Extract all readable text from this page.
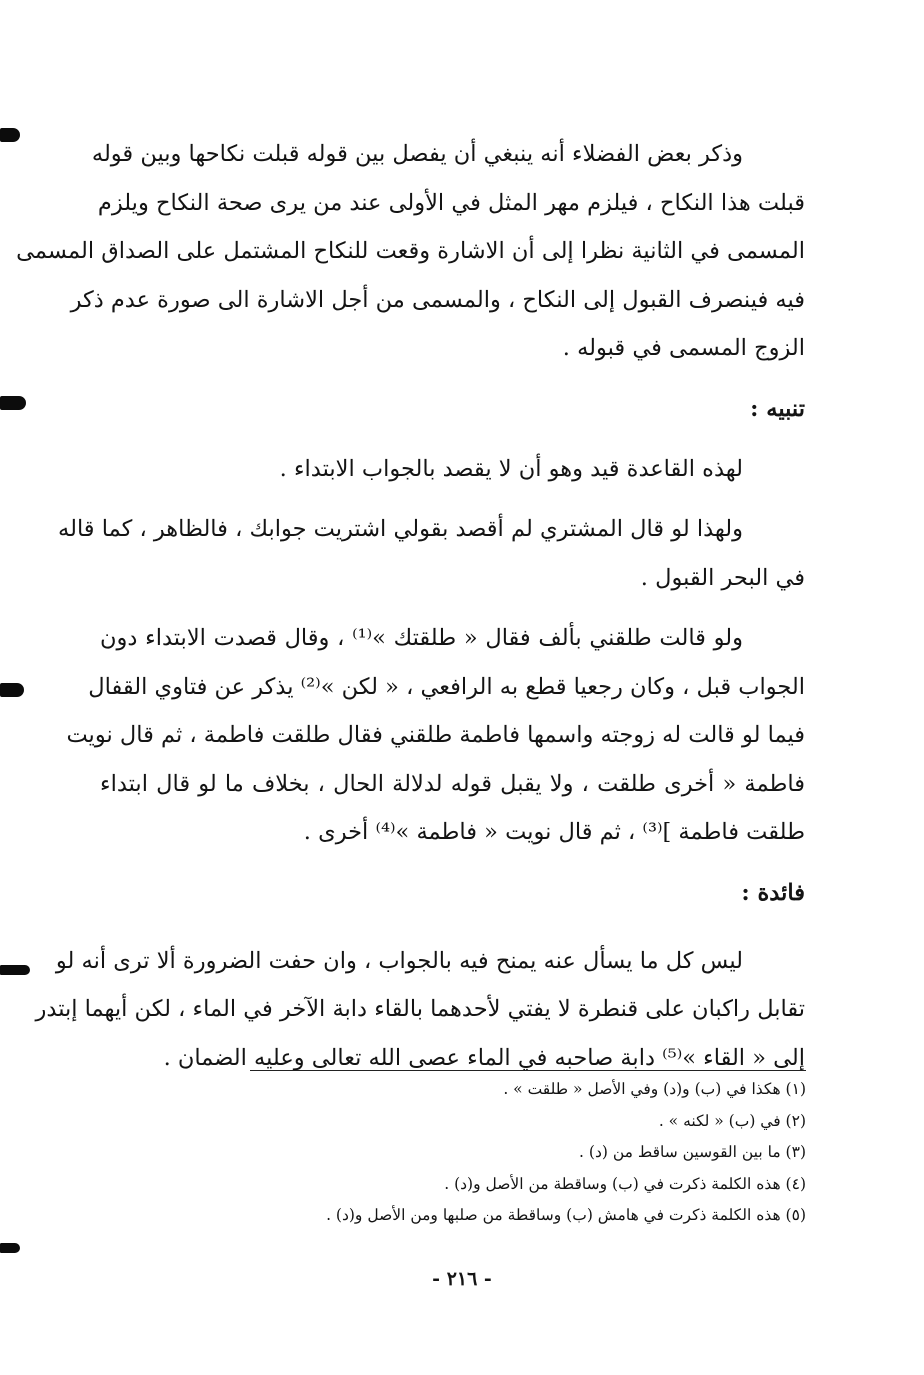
وذكر بعض الفضلاء أنه ينبغي أن يفصل بين قوله قبلت نكاحها وبين قوله
قبلت هذا النكاح ، فيلزم مهر المثل في الأولى عند من يرى صحة النكاح ويلزم
المسمى في الثانية نظرا إلى أن الاشارة وقعت للنكاح المشتمل على الصداق المسمى
فيه فينصرف القبول إلى النكاح ، والمسمى من أجل الاشارة الى صورة عدم ذكر
الزوج المسمى في قبوله .

تنبيه :

لهذه القاعدة قيد وهو أن لا يقصد بالجواب الابتداء .

ولهذا لو قال المشتري لم أقصد بقولي اشتريت جوابك ، فالظاهر ، كما قاله
في البحر القبول .

ولو قالت طلقني بألف فقال « طلقتك »⁽¹⁾ ، وقال قصدت الابتداء دون
الجواب قبل ، وكان رجعيا قطع به الرافعي ، « لكن »⁽²⁾ يذكر عن فتاوي القفال
فيما لو قالت له زوجته واسمها فاطمة طلقني فقال طلقت فاطمة ، ثم قال نويت
فاطمة « أخرى طلقت ، ولا يقبل قوله لدلالة الحال ، بخلاف ما لو قال ابتداء
طلقت فاطمة ]⁽³⁾ ، ثم قال نويت « فاطمة »⁽⁴⁾ أخرى .

فائدة :

ليس كل ما يسأل عنه يمنح فيه بالجواب ، وان حفت الضرورة ألا ترى أنه لو
تقابل راكبان على قنطرة لا يفتي لأحدهما بالقاء دابة الآخر في الماء ، لكن أيهما إبتدر
إلى « القاء »⁽⁵⁾ دابة صاحبه في الماء عصى الله تعالى وعليه الضمان .

(١) هكذا في (ب) و(د) وفي الأصل « طلقت » .

(٢) في (ب) « لكنه » .

(٣) ما بين القوسين ساقط من (د) .

(٤) هذه الكلمة ذكرت في (ب) وساقطة من الأصل و(د) .

(٥) هذه الكلمة ذكرت في هامش (ب) وساقطة من صلبها ومن الأصل و(د) .

- ٢١٦ -
